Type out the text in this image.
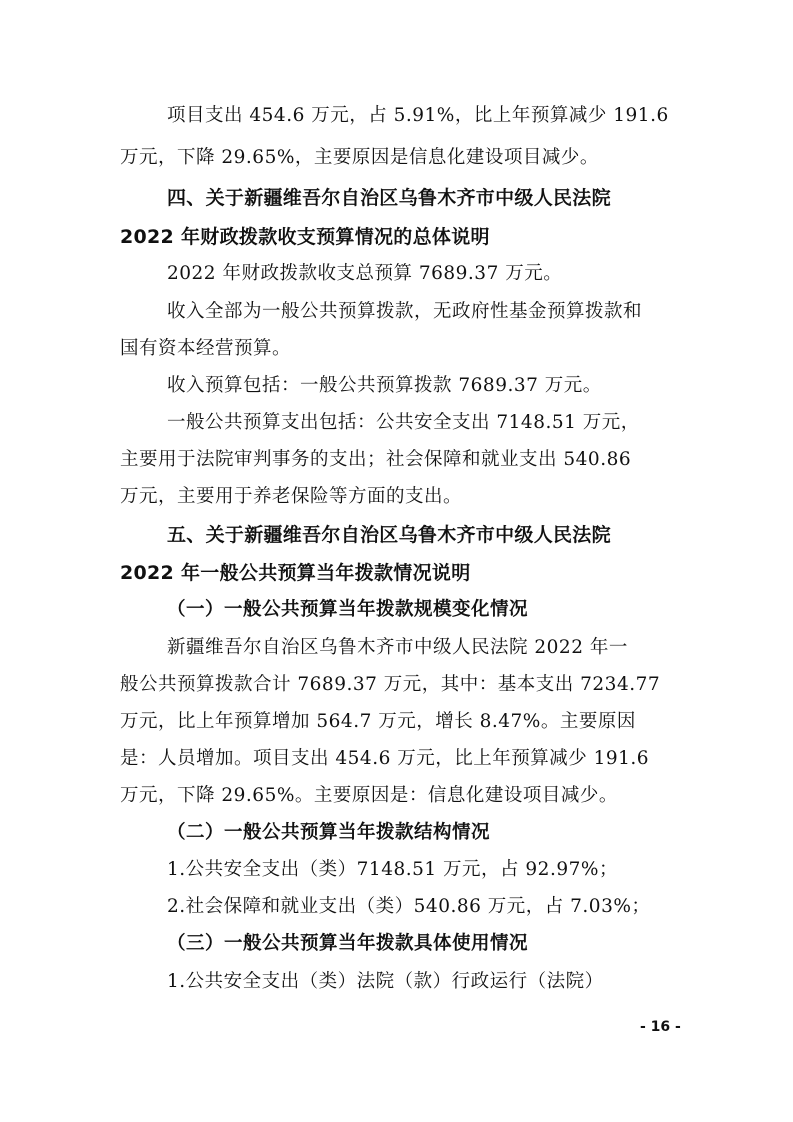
项目支出 454.6 万元，占 5.91%，比上年预算减少 191.6
万元，下降 29.65%，主要原因是信息化建设项目减少。
四、关于新疆维吾尔自治区乌鲁木齐市中级人民法院
2022 年财政拨款收支预算情况的总体说明
2022 年财政拨款收支总预算 7689.37 万元。
收入全部为一般公共预算拨款，无政府性基金预算拨款和
国有资本经营预算。
收入预算包括：一般公共预算拨款 7689.37 万元。
一般公共预算支出包括：公共安全支出 7148.51 万元，
主要用于法院审判事务的支出；社会保障和就业支出 540.86
万元，主要用于养老保险等方面的支出。
五、关于新疆维吾尔自治区乌鲁木齐市中级人民法院
2022 年一般公共预算当年拨款情况说明
（一）一般公共预算当年拨款规模变化情况
新疆维吾尔自治区乌鲁木齐市中级人民法院 2022 年一
般公共预算拨款合计 7689.37 万元，其中：基本支出 7234.77
万元，比上年预算增加 564.7 万元，增长 8.47%。主要原因
是：人员增加。项目支出 454.6 万元，比上年预算减少 191.6
万元，下降 29.65%。主要原因是：信息化建设项目减少。
（二）一般公共预算当年拨款结构情况
1.公共安全支出（类）7148.51 万元，占 92.97%；
2.社会保障和就业支出（类）540.86 万元，占 7.03%；
（三）一般公共预算当年拨款具体使用情况
1.公共安全支出（类）法院（款）行政运行（法院）
- 16 -
